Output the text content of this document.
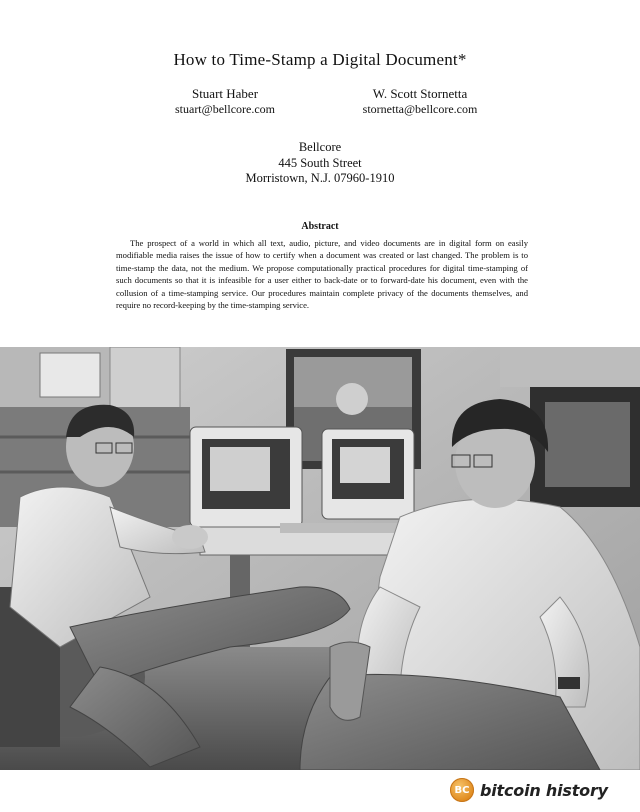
How to Time-Stamp a Digital Document*
Stuart Haber
stuart@bellcore.com
W. Scott Stornetta
stornetta@bellcore.com
Bellcore
445 South Street
Morristown, N.J. 07960-1910
Abstract
The prospect of a world in which all text, audio, picture, and video documents are in digital form on easily modifiable media raises the issue of how to certify when a document was created or last changed. The problem is to time-stamp the data, not the medium. We propose computationally practical procedures for digital time-stamping of such documents so that it is infeasible for a user either to back-date or to forward-date his document, even with the collusion of a time-stamping service. Our procedures maintain complete privacy of the documents themselves, and require no record-keeping by the time-stamping service.
BC bitcoin history
